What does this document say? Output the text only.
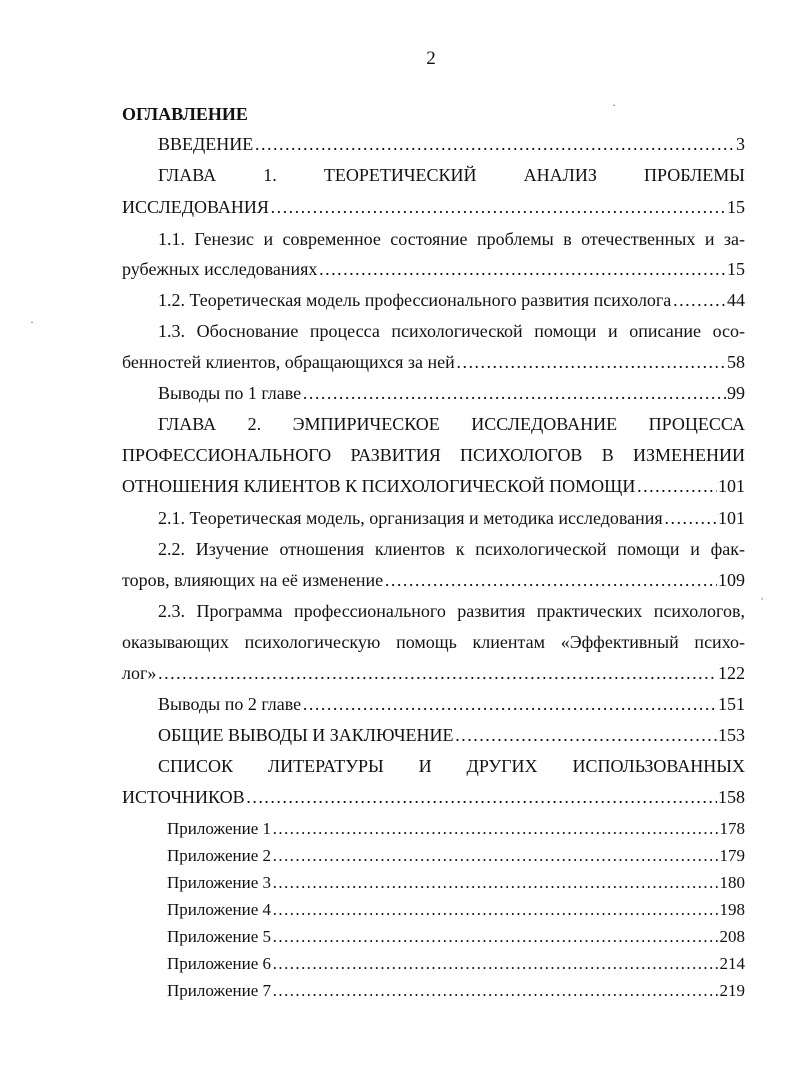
2
ОГЛАВЛЕНИЕ
ВВЕДЕНИЕ …………………………………………………………………………………………………………………………………………………………………………	3
ГЛАВА 1. ТЕОРЕТИЧЕСКИЙ АНАЛИЗ ПРОБЛЕМЫ
ИССЛЕДОВАНИЯ …………………………………………………………………………………………………………………………………………………………………………	15
1.1. Генезис и современное состояние проблемы в отечественных и за-
рубежных исследованиях …………………………………………………………………………………………………………………………………………………………………………	15
1.2. Теоретическая модель профессионального развития психолога …………………………………………………………………………………………………………………………………………………………………………	44
1.3. Обоснование процесса психологической помощи и описание осо-
бенностей клиентов, обращающихся за ней …………………………………………………………………………………………………………………………………………………………………………	58
Выводы по 1 главе …………………………………………………………………………………………………………………………………………………………………………	99
ГЛАВА 2. ЭМПИРИЧЕСКОЕ ИССЛЕДОВАНИЕ ПРОЦЕССА
ПРОФЕССИОНАЛЬНОГО РАЗВИТИЯ ПСИХОЛОГОВ В ИЗМЕНЕНИИ
ОТНОШЕНИЯ КЛИЕНТОВ К ПСИХОЛОГИЧЕСКОЙ ПОМОЩИ …………………………………………………………………………………………………………………………………………………………………………	101
2.1. Теоретическая модель, организация и методика исследования …………………………………………………………………………………………………………………………………………………………………………	101
2.2. Изучение отношения клиентов к психологической помощи и фак-
торов, влияющих на её изменение …………………………………………………………………………………………………………………………………………………………………………	109
2.3. Программа профессионального развития практических психологов,
оказывающих психологическую помощь клиентам «Эффективный психо-
лог» …………………………………………………………………………………………………………………………………………………………………………	122
Выводы по 2 главе …………………………………………………………………………………………………………………………………………………………………………	151
ОБЩИЕ ВЫВОДЫ И ЗАКЛЮЧЕНИЕ …………………………………………………………………………………………………………………………………………………………………………	153
СПИСОК ЛИТЕРАТУРЫ И ДРУГИХ ИСПОЛЬЗОВАННЫХ
ИСТОЧНИКОВ …………………………………………………………………………………………………………………………………………………………………………	158
Приложение 1 …………………………………………………………………………………………………………………………………………………………………………	178
Приложение 2 …………………………………………………………………………………………………………………………………………………………………………	179
Приложение 3 …………………………………………………………………………………………………………………………………………………………………………	180
Приложение 4 …………………………………………………………………………………………………………………………………………………………………………	198
Приложение 5 …………………………………………………………………………………………………………………………………………………………………………	208
Приложение 6 …………………………………………………………………………………………………………………………………………………………………………	214
Приложение 7 …………………………………………………………………………………………………………………………………………………………………………	219
·
ʾ
·
